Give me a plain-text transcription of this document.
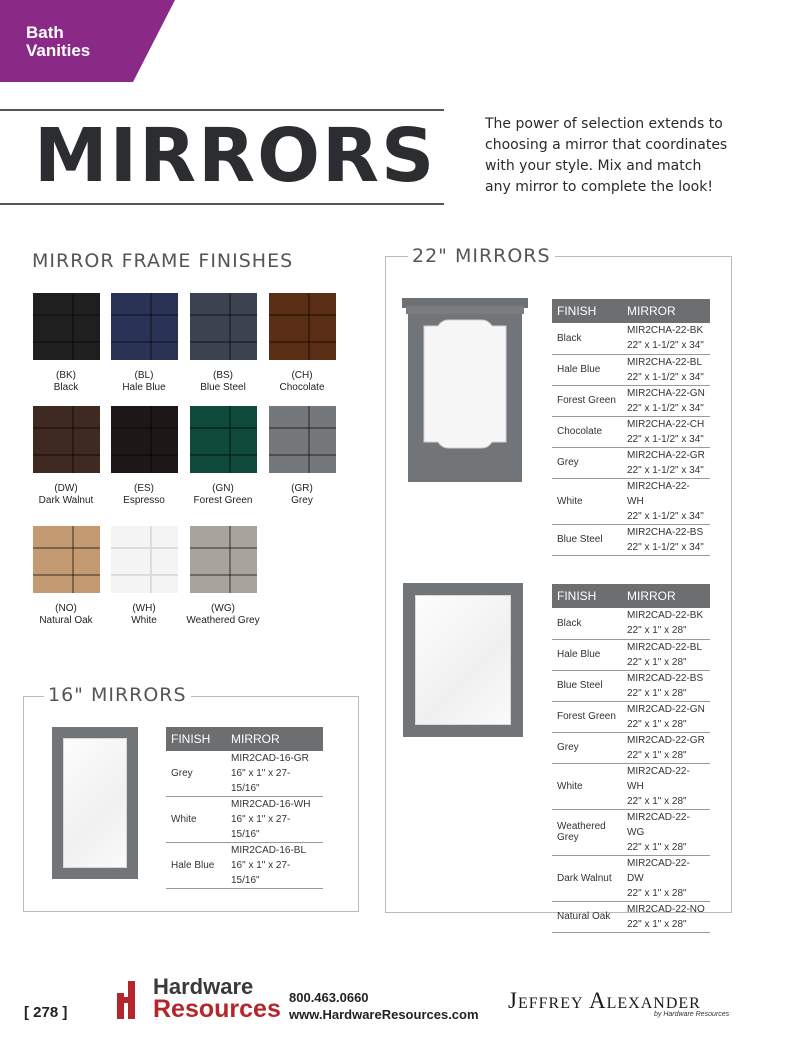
Bath Vanities
MIRRORS	The power of selection extends to choosing a mirror that coordinates with your style. Mix and match any mirror to complete the look!
MIRROR FRAME FINISHES
(BK)
Black
(BL)
Hale Blue
(BS)
Blue Steel
(CH)
Chocolate
(DW)
Dark Walnut
(ES)
Espresso
(GN)
Forest Green
(GR)
Grey
(NO)
Natural Oak
(WH)
White
(WG)
Weathered Grey
16" MIRRORS
FINISH	MIRROR
Grey	MIR2CAD-16-GR
16" x 1" x 27-15/16"

White	MIR2CAD-16-WH
16" x 1" x 27-15/16"

Hale Blue	MIR2CAD-16-BL
16" x 1" x 27-15/16"
22" MIRRORS
FINISH	MIRROR
Black	MIR2CHA-22-BK
22" x 1-1/2" x 34"

Hale Blue	MIR2CHA-22-BL
22" x 1-1/2" x 34"

Forest Green	MIR2CHA-22-GN
22" x 1-1/2" x 34"

Chocolate	MIR2CHA-22-CH
22" x 1-1/2" x 34"

Grey	MIR2CHA-22-GR
22" x 1-1/2" x 34"

White	MIR2CHA-22-WH
22" x 1-1/2" x 34"

Blue Steel	MIR2CHA-22-BS
22" x 1-1/2" x 34"
FINISH	MIRROR
Black	MIR2CAD-22-BK
22" x 1" x 28"

Hale Blue	MIR2CAD-22-BL
22" x 1" x 28"

Blue Steel	MIR2CAD-22-BS
22" x 1" x 28"

Forest Green	MIR2CAD-22-GN
22" x 1" x 28"

Grey	MIR2CAD-22-GR
22" x 1" x 28"

White	MIR2CAD-22-WH
22" x 1" x 28"

Weathered Grey	MIR2CAD-22-WG
22" x 1" x 28"

Dark Walnut	MIR2CAD-22-DW
22" x 1" x 28"

Natural Oak	MIR2CAD-22-NO
22" x 1" x 28"
[ 278 ]
Hardware
Resources 800.463.0660
www.HardwareResources.com
Jeffrey Alexander
by Hardware Resources
